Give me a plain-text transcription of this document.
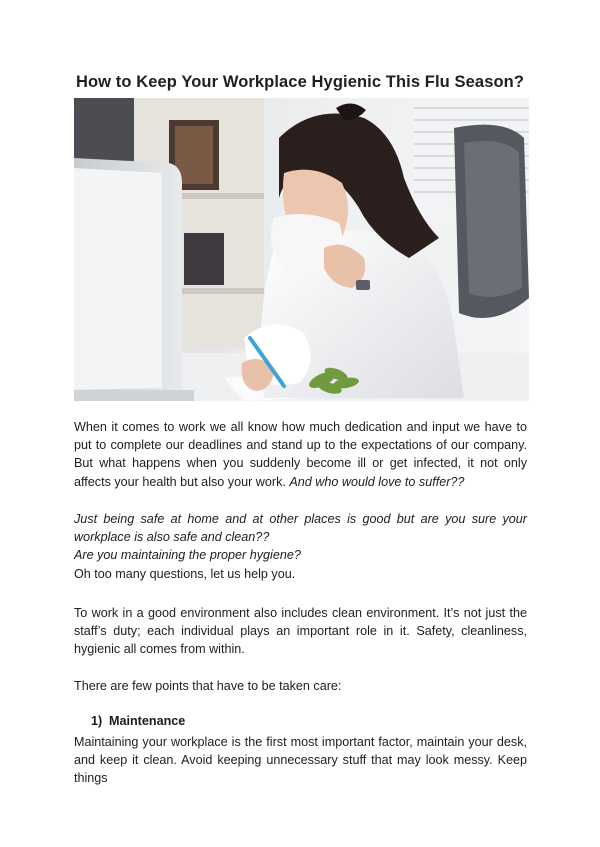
How to Keep Your Workplace Hygienic This Flu Season?

When it comes to work we all know how much dedication and input we have to put to complete our deadlines and stand up to the expectations of our company. But what happens when you suddenly become ill or get infected, it not only affects your health but also your work. And who would love to suffer??

Just being safe at home and at other places is good but are you sure your workplace is also safe and clean??

Are you maintaining the proper hygiene?

Oh too many questions, let us help you.

To work in a good environment also includes clean environment. It’s not just the staff’s duty; each individual plays an important role in it. Safety, cleanliness, hygienic all comes from within.

There are few points that have to be taken care:

1) Maintenance

Maintaining your workplace is the first most important factor, maintain your desk, and keep it clean. Avoid keeping unnecessary stuff that may look messy. Keep things
